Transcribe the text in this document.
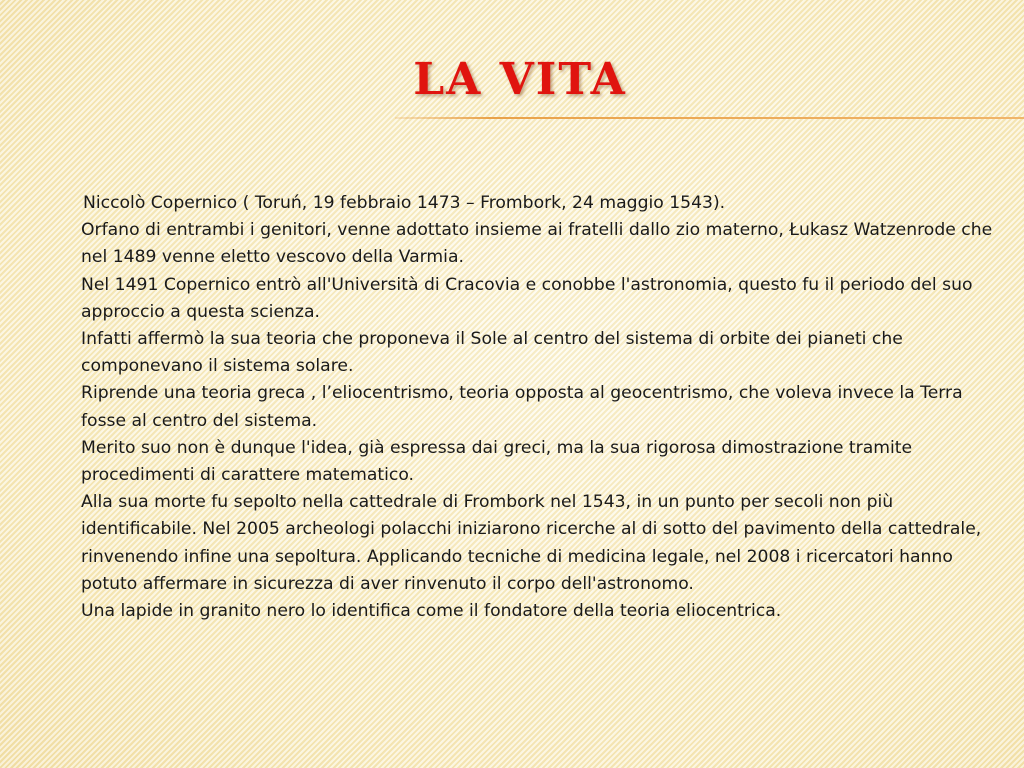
LA VITA

Niccolò Copernico ( Toruń, 19 febbraio 1473 – Frombork, 24 maggio 1543).

Orfano di entrambi i genitori, venne adottato insieme ai fratelli dallo zio materno, Łukasz Watzenrode che nel 1489 venne eletto vescovo della Varmia.

Nel 1491 Copernico entrò all'Università di Cracovia e conobbe l'astronomia, questo fu il periodo del suo approccio a questa scienza.

Infatti affermò la sua teoria che proponeva il Sole al centro del sistema di orbite dei pianeti che componevano il sistema solare.

Riprende una teoria greca , l’eliocentrismo, teoria opposta al geocentrismo, che voleva invece la Terra fosse al centro del sistema.

Merito suo non è dunque l'idea, già espressa dai greci, ma la sua rigorosa dimostrazione tramite procedimenti di carattere matematico.

Alla sua morte fu sepolto nella cattedrale di Frombork nel 1543, in un punto per secoli non più identificabile. Nel 2005 archeologi polacchi iniziarono ricerche al di sotto del pavimento della cattedrale, rinvenendo infine una sepoltura. Applicando tecniche di medicina legale, nel 2008 i ricercatori hanno potuto affermare in sicurezza di aver rinvenuto il corpo dell'astronomo.

Una lapide in granito nero lo identifica come il fondatore della teoria eliocentrica.
